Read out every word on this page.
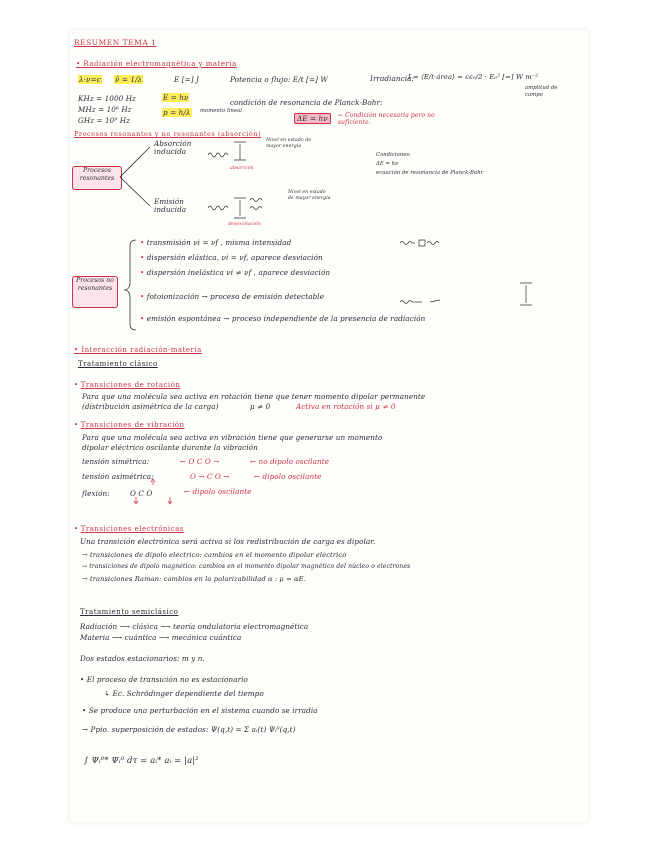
RESUMEN TEMA 1
• Radiación electromagnética y materia
λ·ν=c ν̄ = 1/λ	E [=] J	Potencia o flujo: E/t [=] W	Irradiancia:
I = ⟨E/t·área⟩ = cε₀/2 · E₀² [=] W m⁻²
amplitud de campo
KHz = 1000 Hz	E = hν
condición de resonancia de Planck-Bohr:
MHz = 10⁶ Hz	p = h/λ momento lineal
ΔE = hν	← Condición necesaria pero no suficiente.
GHz = 10⁹ Hz
Procesos resonantes y no resonantes (absorción)
Procesos resonantes
Absorción inducida
Nivel en estado de mayor energía
absorción
Emisión inducida
Nivel en estado de mayor energía
desexcitación
Condiciones:
ΔE = hν
ecuación de resonancia de Planck-Bohr
Procesos no resonantes
• transmisión νi = νf , misma intensidad
• dispersión elástica, νi = νf, aparece desviación
• dispersión inelástica νi ≠ νf , aparece desviación
• fotoionización → proceso de emisión detectable
• emisión espontánea → proceso independiente de la presencia de radiación
• Interacción radiación-materia
Tratamiento clásico
• Transiciones de rotación
Para que una molécula sea activa en rotación tiene que tener momento dipolar permanente
(distribución asimétrica de la carga)	μ ≠ 0	Activa en rotación si μ ≠ 0
• Transiciones de vibración
Para que una molécula sea activa en vibración tiene que generarse un momento
dipolar eléctrico oscilante durante la vibración
tensión simétrica:	← O C O →	← no dipolo oscilante
tensión asimétrica:	O → C O →	← dipolo oscilante
flexión:	O C O	← dipolo oscilante
• Transiciones electrónicas
Una transición electrónica será activa si los redistribución de carga es dipolar.
→ transiciones de dipolo eléctrico: cambios en el momento dipolar eléctrico
→ transiciones de dipolo magnético: cambios en el momento dipolar magnético del núcleo o electrones
→ transiciones Raman: cambios en la polarizabilidad α : μ = αE.
Tratamiento semiclásico
Radiación ⟶ clásica ⟶ teoría ondulatoria electromagnética
Materia ⟶ cuántica ⟶ mecánica cuántica
Dos estados estacionarios: m y n.
• El proceso de transición no es estacionario
↳ Ec. Schrödinger dependiente del tiempo
• Se produce una perturbación en el sistema cuando se irradia
→ Ppio. superposición de estados: Ψ(q,t) = Σ aᵢ(t) Ψᵢ⁰(q,t)
∫ Ψᵢ⁰* Ψᵢ⁰ dτ = aᵢ* aᵢ = |a|²
